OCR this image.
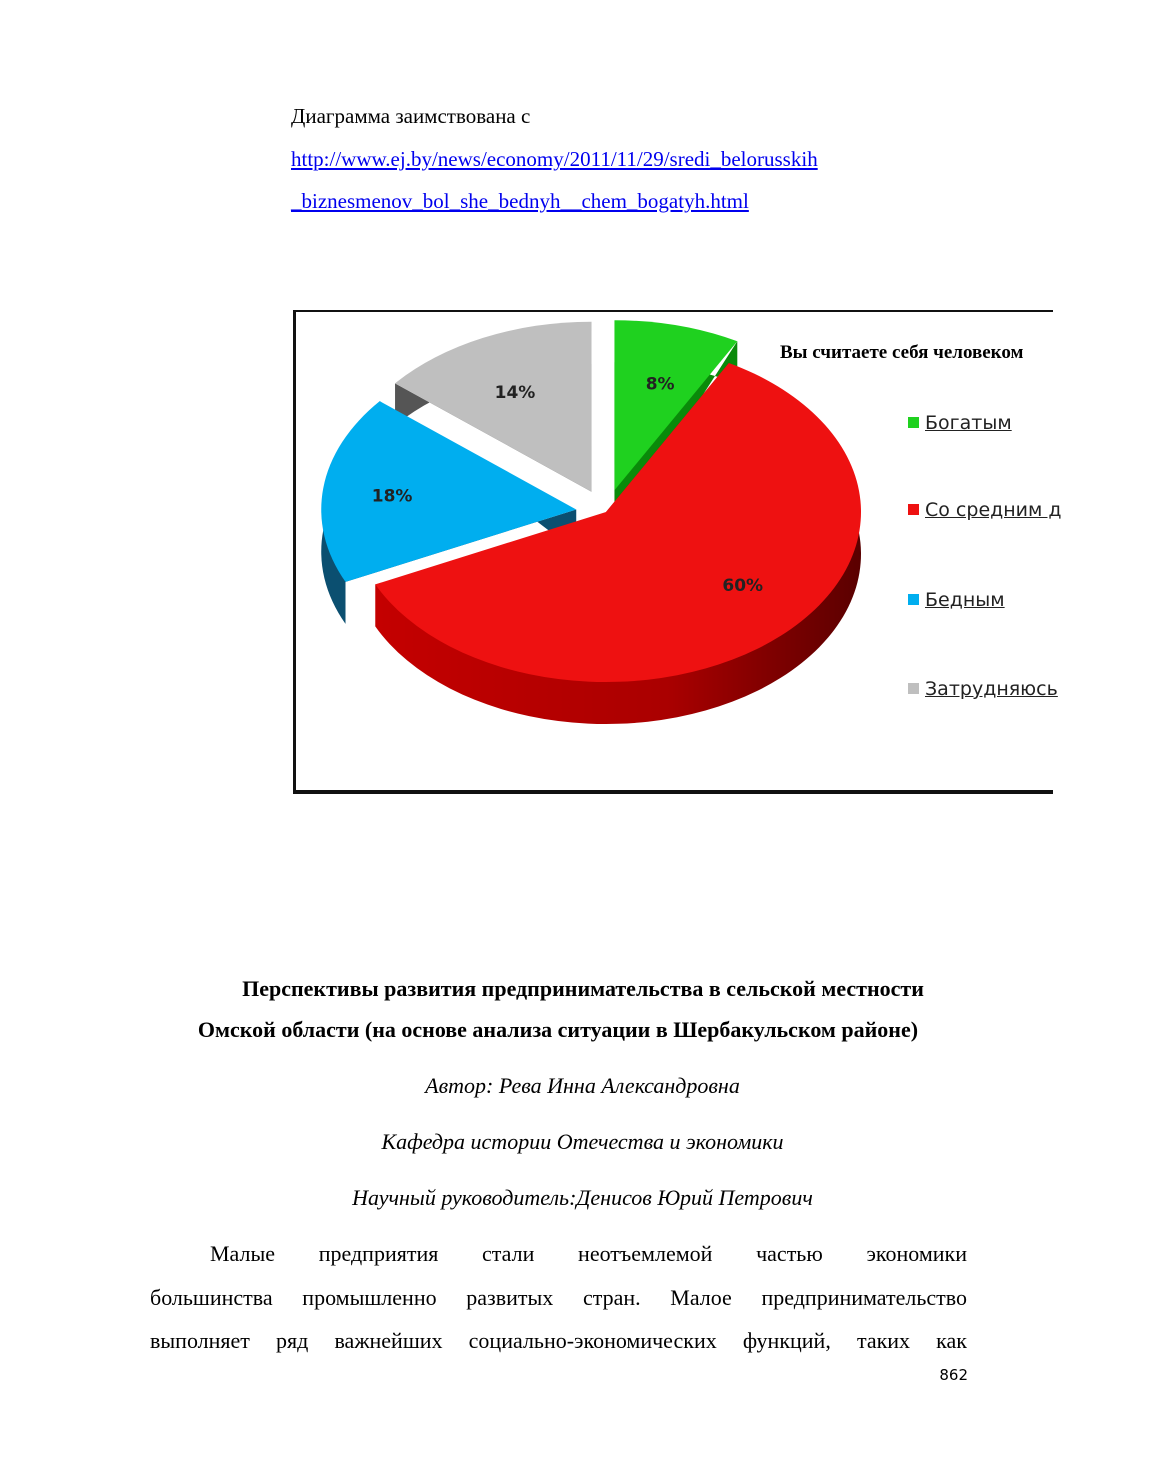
Диаграмма заимствована с
http://www.ej.by/news/economy/2011/11/29/sredi_belorusskih
_biznesmenov_bol_she_bednyh__chem_bogatyh.html
14%	8%
18%
60%
Вы считаете себя человеком
Богатым
Со средним д
Бедным
Затрудняюсь
Перспективы развития предпринимательства в сельской местности
Омской области (на основе анализа ситуации в Шербакульском районе)
Автор: Рева Инна Александровна
Кафедра истории Отечества и экономики
Научный руководитель:Денисов Юрий Петрович
Малые предприятия стали неотъемлемой частью экономики
большинства промышленно развитых стран. Малое предпринимательство
выполняет ряд важнейших социально-экономических функций, таких как
862
